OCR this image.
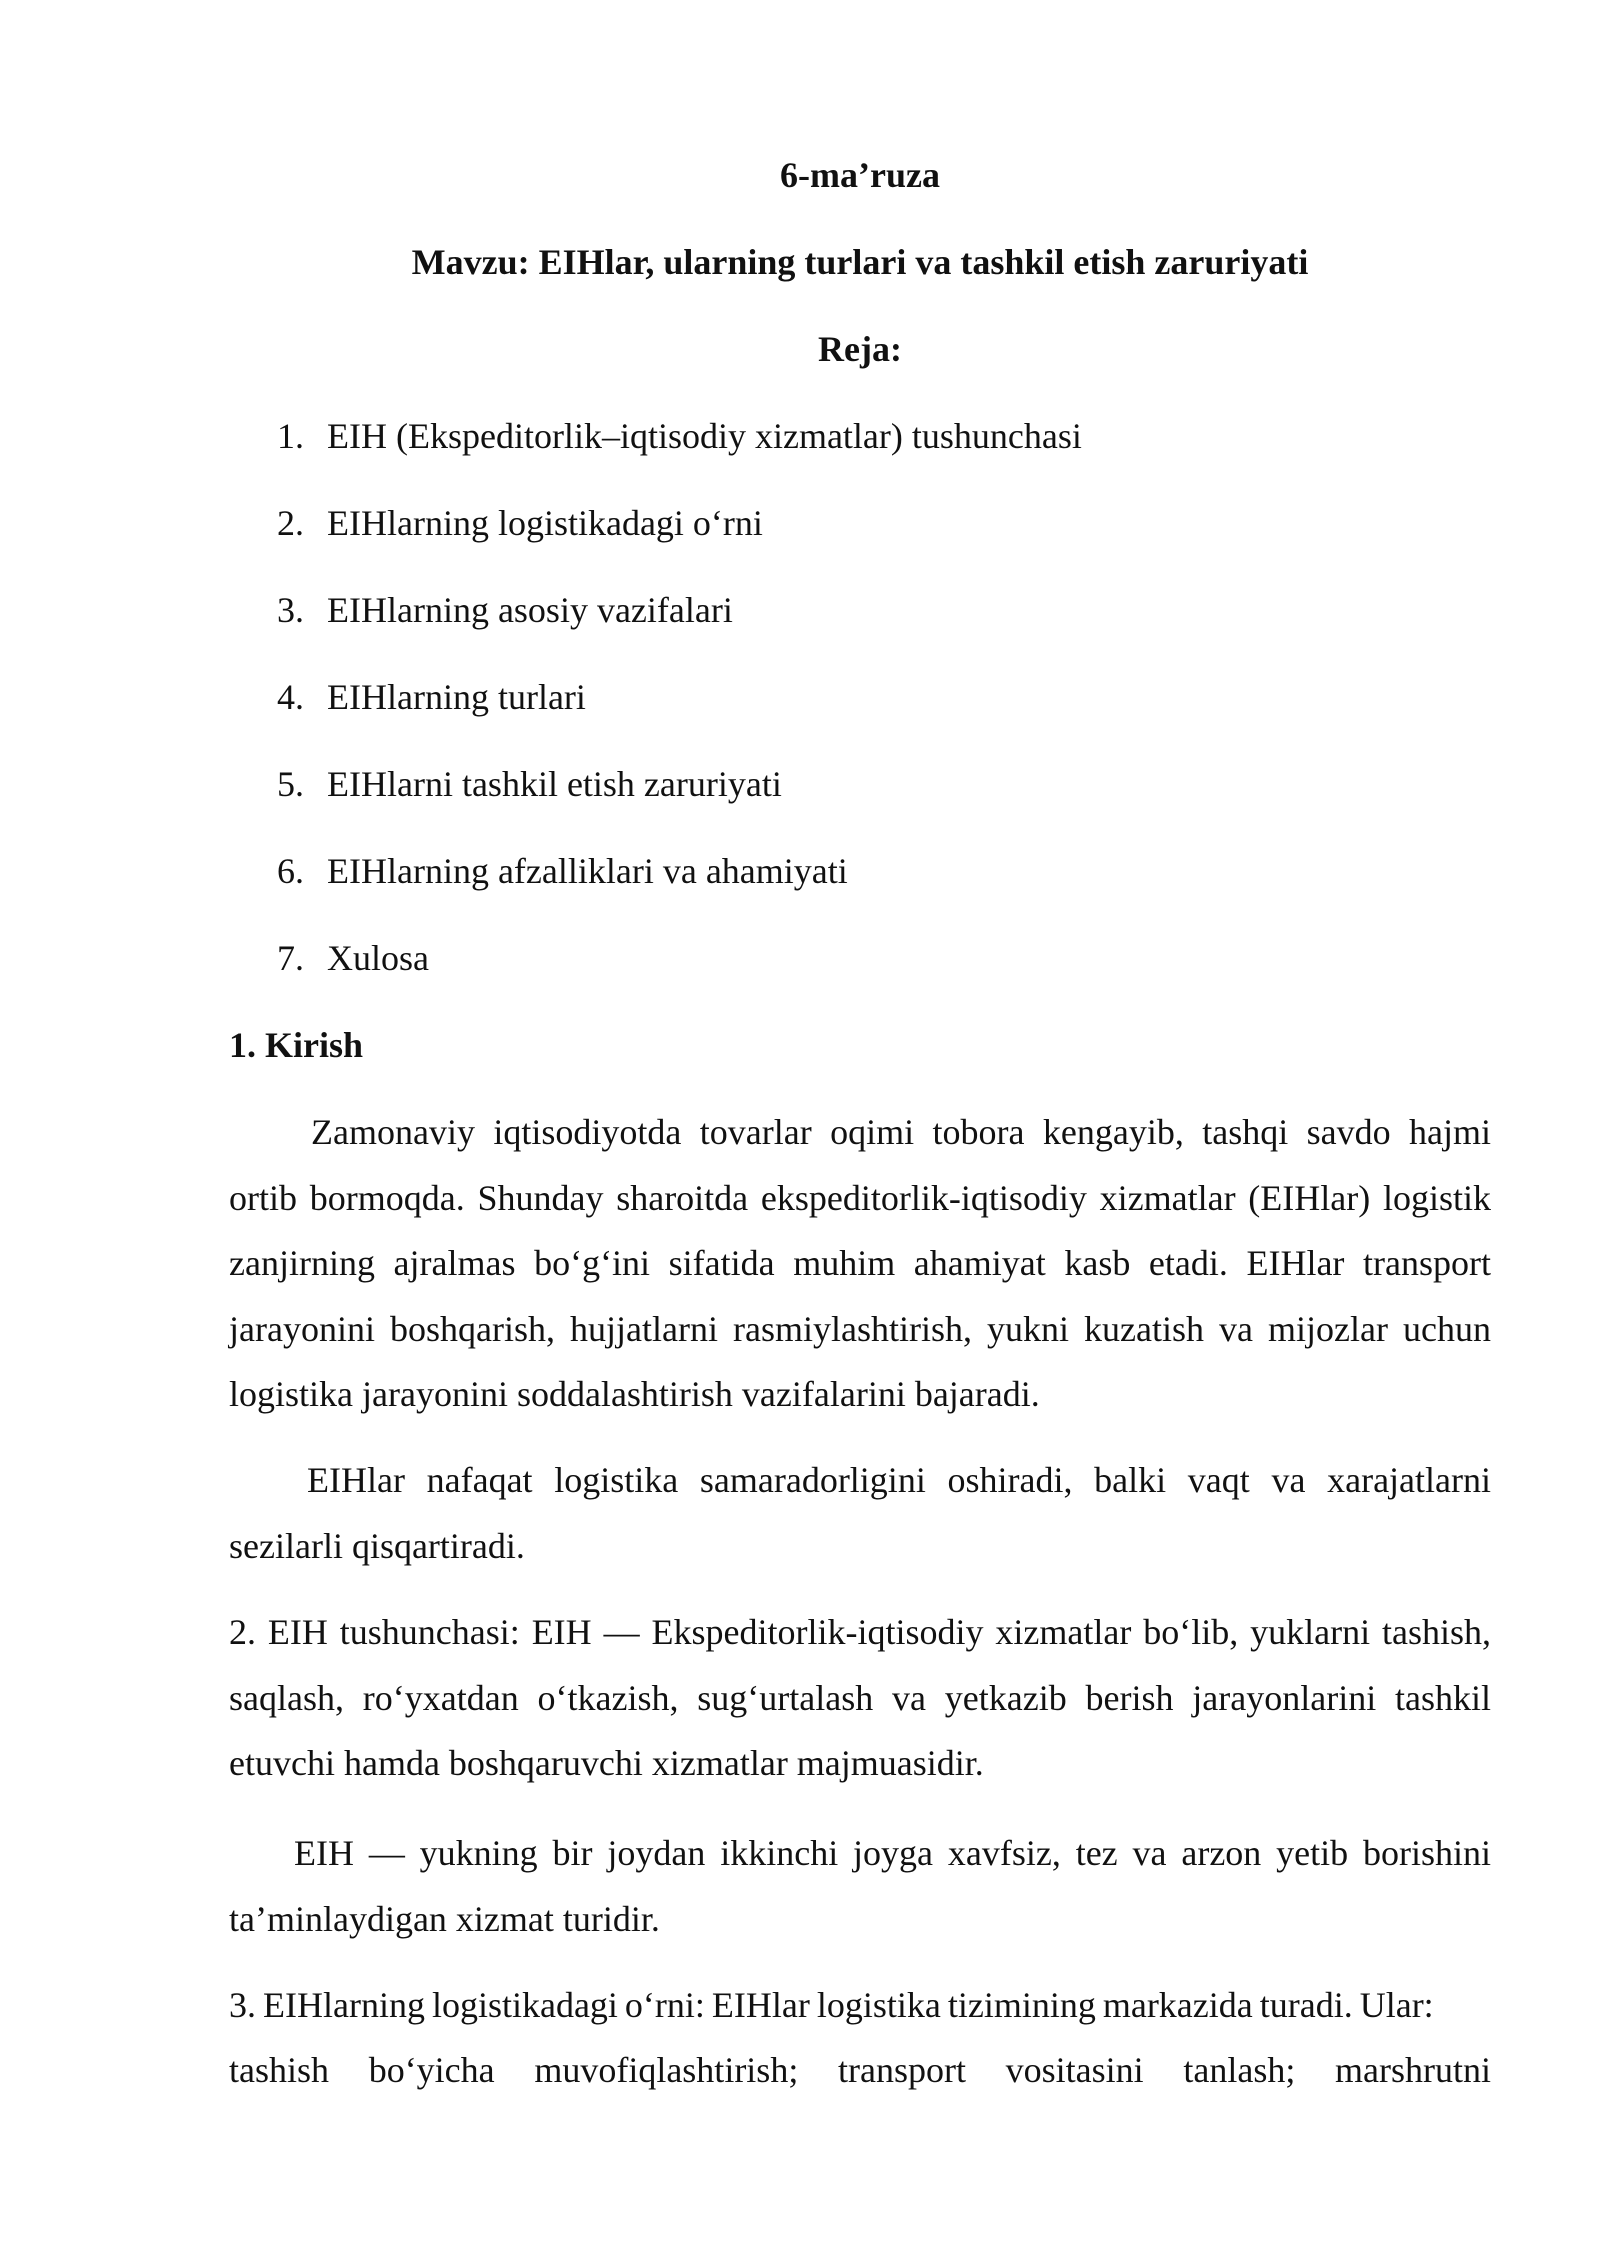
6-ma’ruza
Mavzu: EIHlar, ularning turlari va tashkil etish zaruriyati
Reja:
1. EIH (Ekspeditorlik–iqtisodiy xizmatlar) tushunchasi
2. EIHlarning logistikadagi o‘rni
3. EIHlarning asosiy vazifalari
4. EIHlarning turlari
5. EIHlarni tashkil etish zaruriyati
6. EIHlarning afzalliklari va ahamiyati
7. Xulosa
1. Kirish

Zamonaviy iqtisodiyotda tovarlar oqimi tobora kengayib, tashqi savdo hajmi ortib bormoqda. Shunday sharoitda ekspeditorlik-iqtisodiy xizmatlar (EIHlar) logistik zanjirning ajralmas bo‘g‘ini sifatida muhim ahamiyat kasb etadi. EIHlar transport jarayonini boshqarish, hujjatlarni rasmiylashtirish, yukni kuzatish va mijozlar uchun logistika jarayonini soddalashtirish vazifalarini bajaradi.

EIHlar nafaqat logistika samaradorligini oshiradi, balki vaqt va xarajatlarni sezilarli qisqartiradi.

2. EIH tushunchasi: EIH — Ekspeditorlik-iqtisodiy xizmatlar bo‘lib, yuklarni tashish, saqlash, ro‘yxatdan o‘tkazish, sug‘urtalash va yetkazib berish jarayonlarini tashkil etuvchi hamda boshqaruvchi xizmatlar majmuasidir.

EIH — yukning bir joydan ikkinchi joyga xavfsiz, tez va arzon yetib borishini ta’minlaydigan xizmat turidir.

3. EIHlarning logistikadagi o‘rni: EIHlar logistika tizimining markazida turadi. Ular:

tashish bo‘yicha muvofiqlashtirish; transport vositasini tanlash; marshrutni
